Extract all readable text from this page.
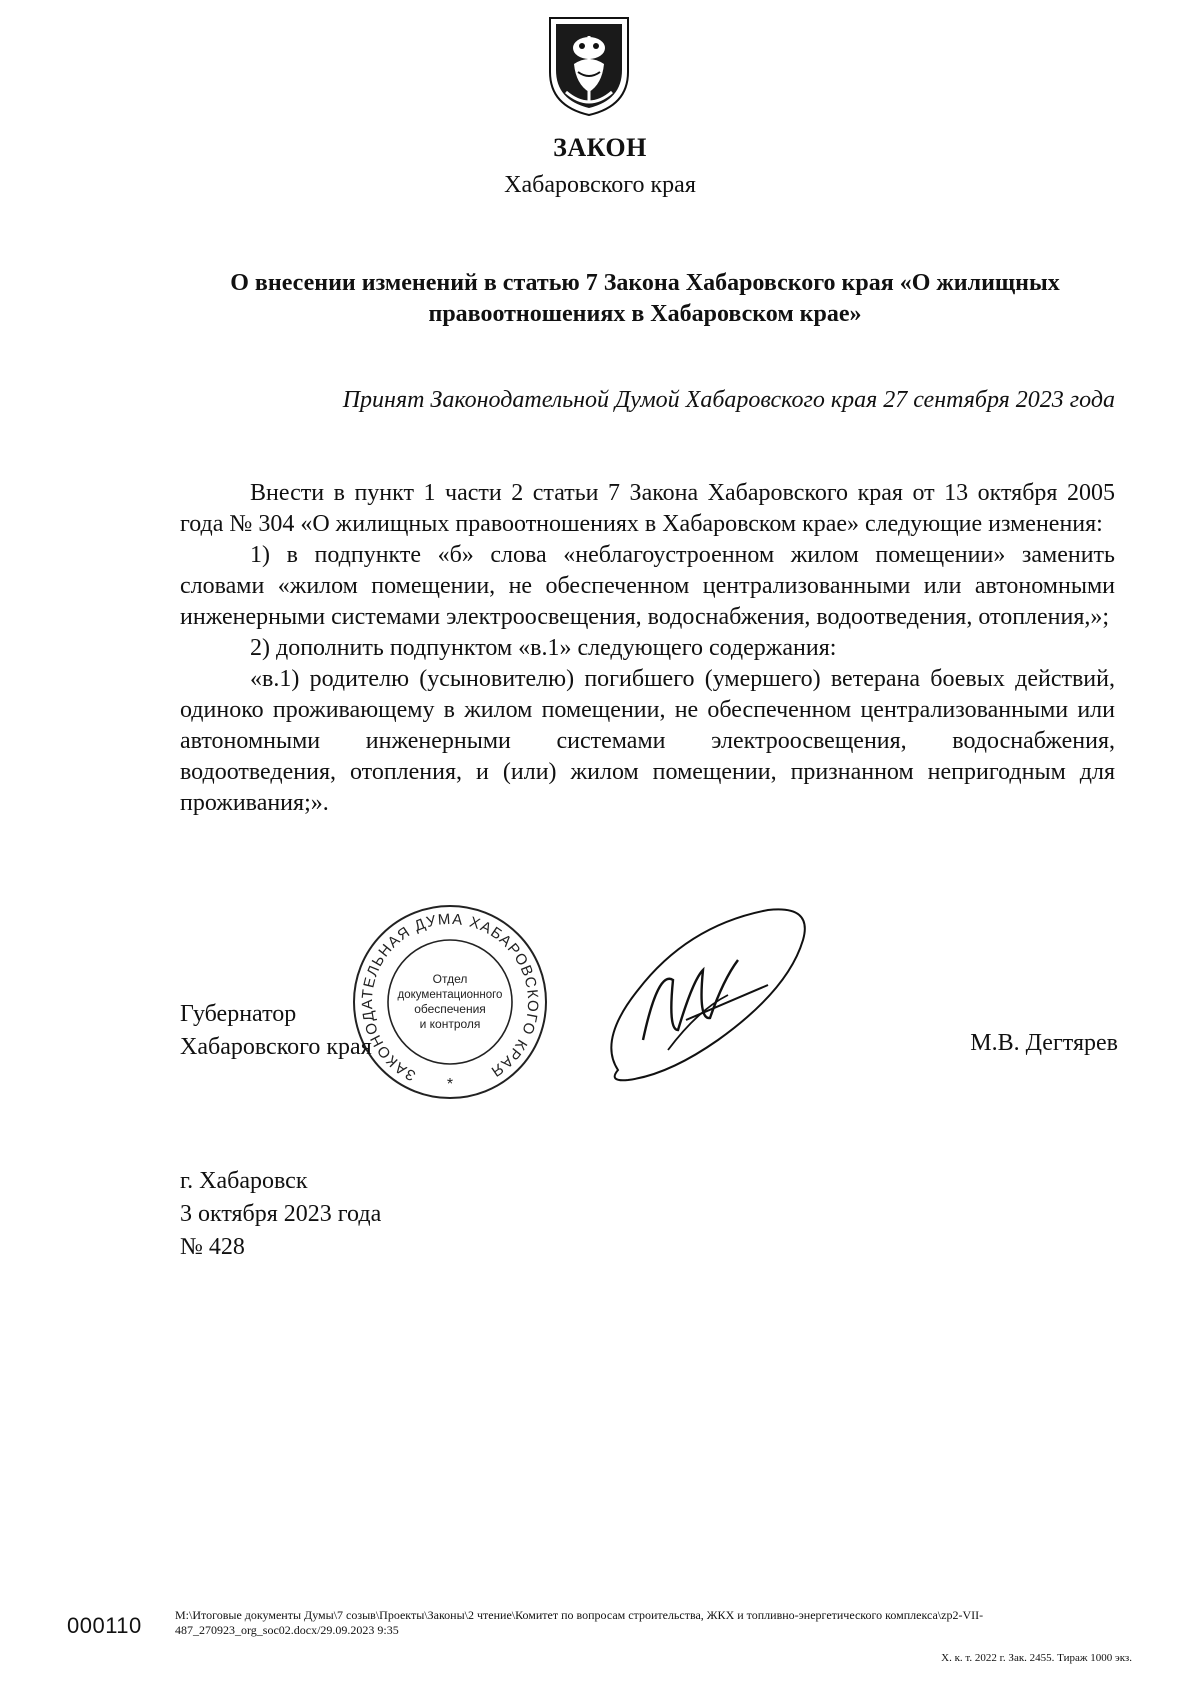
ЗАКОН
Хабаровского края
О внесении изменений в статью 7 Закона Хабаровского края «О жилищных правоотношениях в Хабаровском крае»
Принят Законодательной Думой Хабаровского края 27 сентября 2023 года

Внести в пункт 1 части 2 статьи 7 Закона Хабаровского края от 13 октября 2005 года № 304 «О жилищных правоотношениях в Хабаровском крае» следующие изменения:

1) в подпункте «б» слова «неблагоустроенном жилом помещении» заменить словами «жилом помещении, не обеспеченном централизованными или автономными инженерными системами электроосвещения, водоснабжения, водоотведения, отопления,»;

2) дополнить подпунктом «в.1» следующего содержания:

«в.1) родителю (усыновителю) погибшего (умершего) ветерана боевых действий, одиноко проживающему в жилом помещении, не обеспеченном централизованными или автономными инженерными системами электроосвещения, водоснабжения, водоотведения, отопления, и (или) жилом помещении, признанном непригодным для проживания;».

ЗАКОНОДАТЕЛЬНАЯ ДУМА ХАБАРОВСКОГО КРАЯ
Отдел
документационного
обеспечения
и контроля
*
Губернатор
Хабаровского края	М.В. Дегтярев
г. Хабаровск
3 октября 2023 года
№ 428
000110	M:\Итоговые документы Думы\7 созыв\Проекты\Законы\2 чтение\Комитет по вопросам строительства, ЖКХ и топливно-энергетического комплекса\zp2-VII-487_270923_org_soc02.docx/29.09.2023 9:35
Х. к. т. 2022 г. Зак. 2455. Тираж 1000 экз.
